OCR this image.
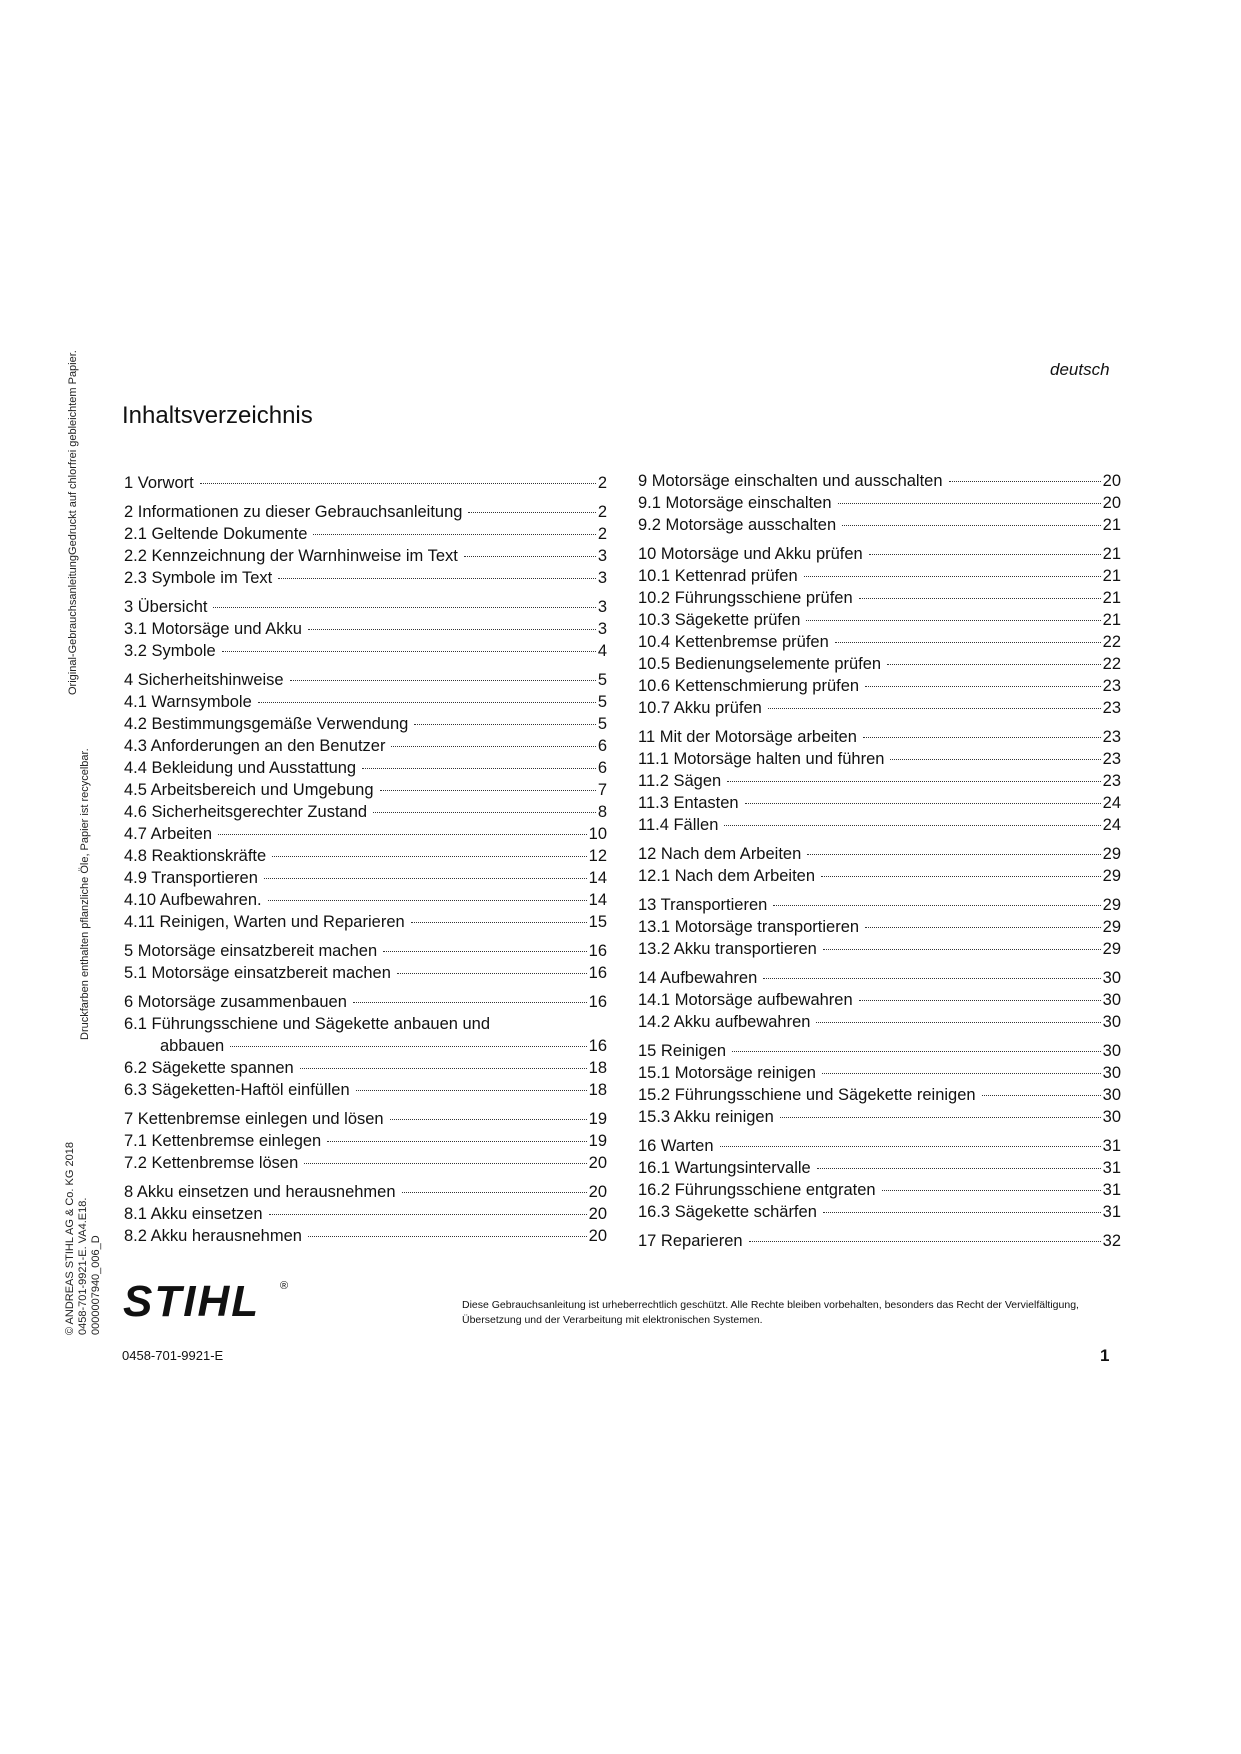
Original-GebrauchsanleitungGedruckt auf chlorfrei gebleichtem Papier.
Druckfarben enthalten pflanzliche Öle, Papier ist recycelbar.
© ANDREAS STIHL AG & Co. KG 2018 0458-701-9921-E. VA4.E18. 0000007940_006_D
deutsch
Inhaltsverzeichnis
1 Vorwort	2
2 Informationen zu dieser Gebrauchsanleitung	2
2.1 Geltende Dokumente	2
2.2 Kennzeichnung der Warnhinweise im Text	3
2.3 Symbole im Text	3
3 Übersicht	3
3.1 Motorsäge und Akku	3
3.2 Symbole	4
4 Sicherheitshinweise	5
4.1 Warnsymbole	5
4.2 Bestimmungsgemäße Verwendung	5
4.3 Anforderungen an den Benutzer	6
4.4 Bekleidung und Ausstattung	6
4.5 Arbeitsbereich und Umgebung	7
4.6 Sicherheitsgerechter Zustand	8
4.7 Arbeiten	10
4.8 Reaktionskräfte	12
4.9 Transportieren	14
4.10 Aufbewahren.	14
4.11 Reinigen, Warten und Reparieren	15
5 Motorsäge einsatzbereit machen	16
5.1 Motorsäge einsatzbereit machen	16
6 Motorsäge zusammenbauen	16
6.1 Führungsschiene und Sägekette anbauen und
abbauen	16
6.2 Sägekette spannen	18
6.3 Sägeketten-Haftöl einfüllen	18
7 Kettenbremse einlegen und lösen	19
7.1 Kettenbremse einlegen	19
7.2 Kettenbremse lösen	20
8 Akku einsetzen und herausnehmen	20
8.1 Akku einsetzen	20
8.2 Akku herausnehmen	20
9 Motorsäge einschalten und ausschalten	20
9.1 Motorsäge einschalten	20
9.2 Motorsäge ausschalten	21
10 Motorsäge und Akku prüfen	21
10.1 Kettenrad prüfen	21
10.2 Führungsschiene prüfen	21
10.3 Sägekette prüfen	21
10.4 Kettenbremse prüfen	22
10.5 Bedienungselemente prüfen	22
10.6 Kettenschmierung prüfen	23
10.7 Akku prüfen	23
11 Mit der Motorsäge arbeiten	23
11.1 Motorsäge halten und führen	23
11.2 Sägen	23
11.3 Entasten	24
11.4 Fällen	24
12 Nach dem Arbeiten	29
12.1 Nach dem Arbeiten	29
13 Transportieren	29
13.1 Motorsäge transportieren	29
13.2 Akku transportieren	29
14 Aufbewahren	30
14.1 Motorsäge aufbewahren	30
14.2 Akku aufbewahren	30
15 Reinigen	30
15.1 Motorsäge reinigen	30
15.2 Führungsschiene und Sägekette reinigen	30
15.3 Akku reinigen	30
16 Warten	31
16.1 Wartungsintervalle	31
16.2 Führungsschiene entgraten	31
16.3 Sägekette schärfen	31
17 Reparieren	32
STIHL ®
Diese Gebrauchsanleitung ist urheberrechtlich geschützt. Alle Rechte bleiben vorbehalten, besonders das Recht der Vervielfältigung, Übersetzung und der Verarbeitung mit elektronischen Systemen.
0458-701-9921-E	1
